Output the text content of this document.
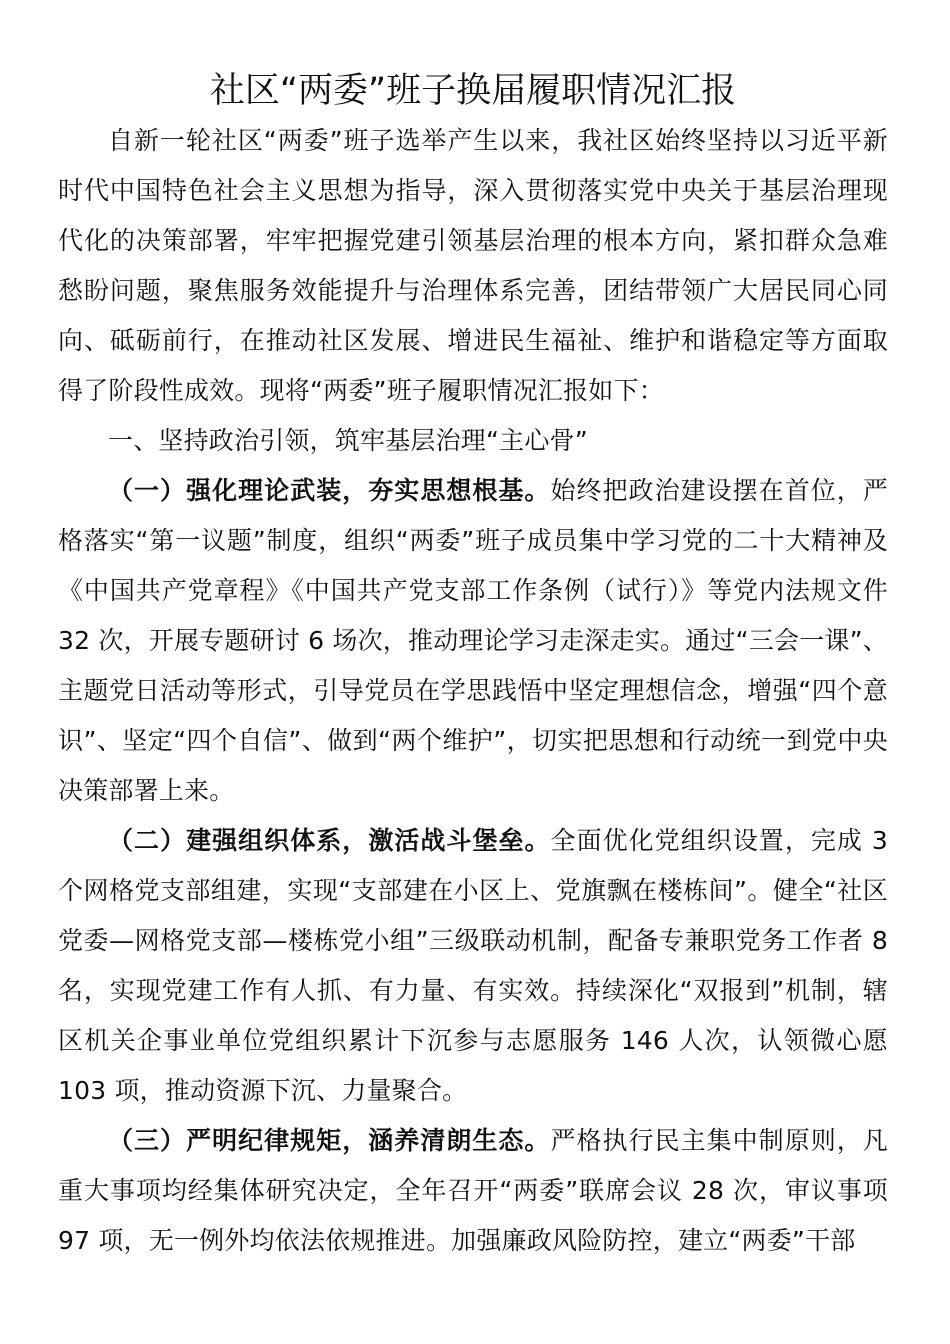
社区“两委”班子换届履职情况汇报

自新一轮社区“两委”班子选举产生以来，我社区始终坚持以习近平新时代中国特色社会主义思想为指导，深入贯彻落实党中央关于基层治理现代化的决策部署，牢牢把握党建引领基层治理的根本方向，紧扣群众急难愁盼问题，聚焦服务效能提升与治理体系完善，团结带领广大居民同心同向、砥砺前行，在推动社区发展、增进民生福祉、维护和谐稳定等方面取得了阶段性成效。现将“两委”班子履职情况汇报如下：

一、坚持政治引领，筑牢基层治理“主心骨”

（一）强化理论武装，夯实思想根基。始终把政治建设摆在首位，严格落实“第一议题”制度，组织“两委”班子成员集中学习党的二十大精神及《中国共产党章程》《中国共产党支部工作条例（试行）》等党内法规文件 32 次，开展专题研讨 6 场次，推动理论学习走深走实。通过“三会一课”、主题党日活动等形式，引导党员在学思践悟中坚定理想信念，增强“四个意识”、坚定“四个自信”、做到“两个维护”，切实把思想和行动统一到党中央决策部署上来。

（二）建强组织体系，激活战斗堡垒。全面优化党组织设置，完成 3 个网格党支部组建，实现“支部建在小区上、党旗飘在楼栋间”。健全“社区党委—网格党支部—楼栋党小组”三级联动机制，配备专兼职党务工作者 8 名，实现党建工作有人抓、有力量、有实效。持续深化“双报到”机制，辖区机关企事业单位党组织累计下沉参与志愿服务 146 人次，认领微心愿 103 项，推动资源下沉、力量聚合。

（三）严明纪律规矩，涵养清朗生态。严格执行民主集中制原则，凡重大事项均经集体研究决定，全年召开“两委”联席会议 28 次，审议事项 97 项，无一例外均依法依规推进。加强廉政风险防控，建立“两委”干部
